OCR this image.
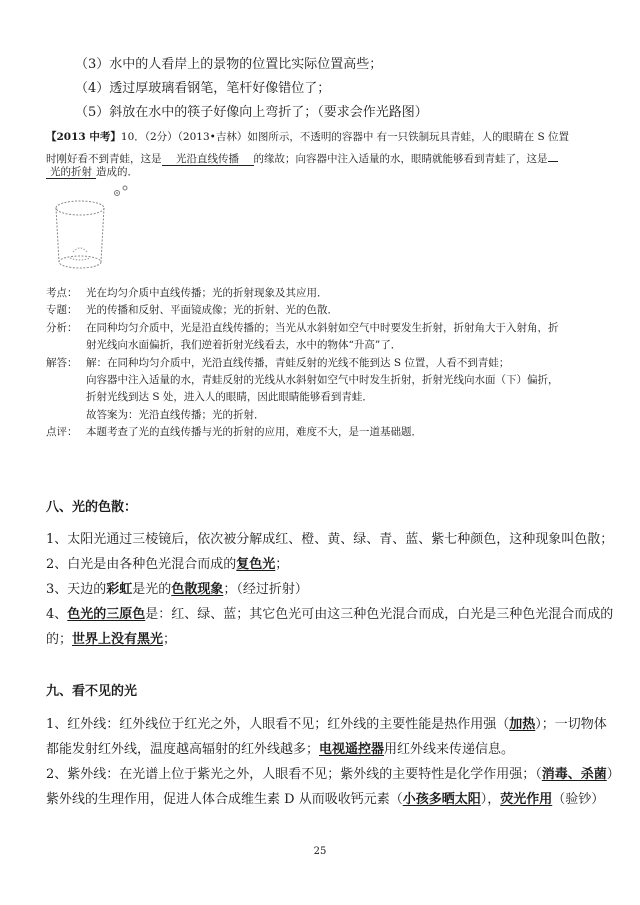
（3）水中的人看岸上的景物的位置比实际位置高些；
（4）透过厚玻璃看钢笔，笔杆好像错位了；
（5）斜放在水中的筷子好像向上弯折了；（要求会作光路图）
【2013 中考】10．（2分）（2013•吉林）如图所示，不透明的容器中 有一只铁制玩具青蛙，人的眼睛在 S 位置
时刚好看不到青蛙，这是 光沿直线传播 的缘故；向容器中注入适量的水，眼睛就能够看到青蛙了，这是
光的折射 造成的．
考点： 光在均匀介质中直线传播；光的折射现象及其应用．
专题： 光的传播和反射、平面镜成像；光的折射、光的色散．
分析： 在同种均匀介质中，光是沿直线传播的；当光从水斜射如空气中时要发生折射，折射角大于入射角，折
射光线向水面偏折，我们逆着折射光线看去，水中的物体“升高”了．
解答： 解：在同种均匀介质中，光沿直线传播，青蛙反射的光线不能到达 S 位置，人看不到青蛙；
向容器中注入适量的水，青蛙反射的光线从水斜射如空气中时发生折射，折射光线向水面（下）偏折，
折射光线到达 S 处，进入人的眼睛，因此眼睛能够看到青蛙．
故答案为：光沿直线传播；光的折射．
点评： 本题考查了光的直线传播与光的折射的应用，难度不大，是一道基础题．
八、光的色散：
1、太阳光通过三棱镜后，依次被分解成红、橙、黄、绿、青、蓝、紫七种颜色，这种现象叫色散；
2、白光是由各种色光混合而成的复色光；
3、天边的彩虹是光的色散现象；（经过折射）
4、色光的三原色是：红、绿、蓝；其它色光可由这三种色光混合而成，白光是三种色光混合而成的
的；世界上没有黑光；
九、看不见的光
1、红外线：红外线位于红光之外，人眼看不见；红外线的主要性能是热作用强（加热）；一切物体
都能发射红外线，温度越高辐射的红外线越多；电视遥控器用红外线来传递信息。
2、紫外线：在光谱上位于紫光之外，人眼看不见；紫外线的主要特性是化学作用强；（消毒、杀菌）
紫外线的生理作用，促进人体合成维生素 D 从而吸收钙元素（小孩多晒太阳），荧光作用（验钞）
25
